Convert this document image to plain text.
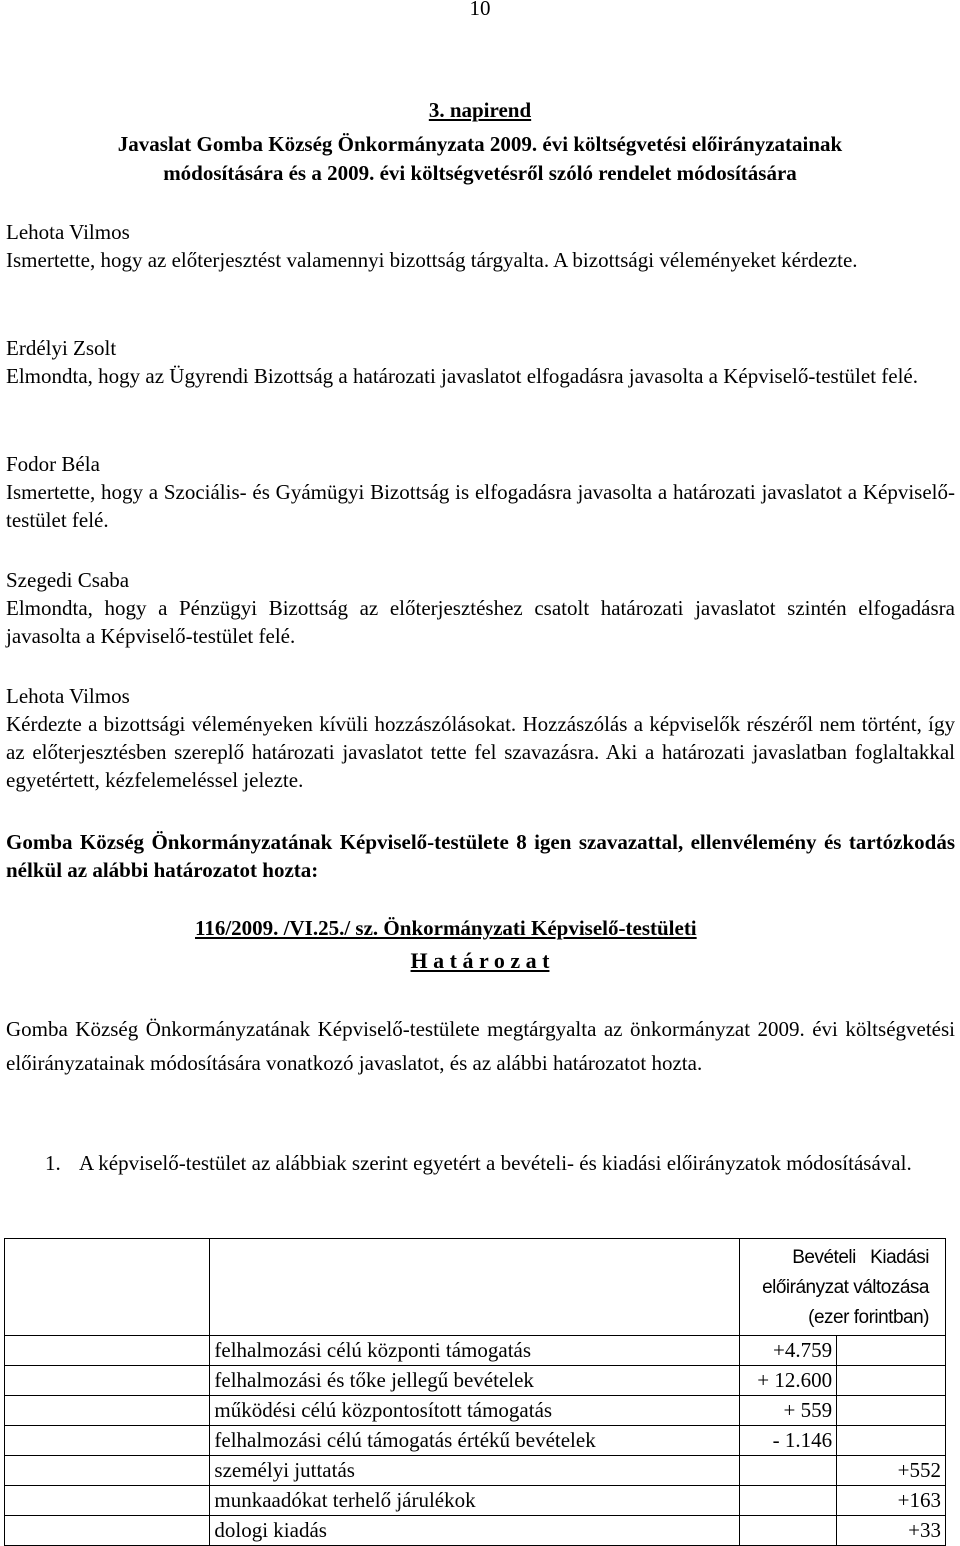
10
3. napirend
Javaslat Gomba Község Önkormányzata 2009. évi költségvetési előirányzatainak
módosítására és a 2009. évi költségvetésről szóló rendelet módosítására
Lehota Vilmos
Ismertette, hogy az előterjesztést valamennyi bizottság tárgyalta. A bizottsági véleményeket kérdezte.
Erdélyi Zsolt
Elmondta, hogy az Ügyrendi Bizottság a határozati javaslatot elfogadásra javasolta a Képviselő-testület felé.
Fodor Béla
Ismertette, hogy a Szociális- és Gyámügyi Bizottság is elfogadásra javasolta a határozati javaslatot a Képviselő-testület felé.
Szegedi Csaba
Elmondta, hogy a Pénzügyi Bizottság az előterjesztéshez csatolt határozati javaslatot szintén elfogadásra javasolta a Képviselő-testület felé.
Lehota Vilmos
Kérdezte a bizottsági véleményeken kívüli hozzászólásokat. Hozzászólás a képviselők részéről nem történt, így az előterjesztésben szereplő határozati javaslatot tette fel szavazásra. Aki a határozati javaslatban foglaltakkal egyetértett, kézfelemeléssel jelezte.
Gomba Község Önkormányzatának Képviselő-testülete 8 igen szavazattal, ellenvélemény és tartózkodás nélkül az alábbi határozatot hozta:
116/2009. /VI.25./ sz. Önkormányzati Képviselő-testületi
H a t á r o z a t
Gomba Község Önkormányzatának Képviselő-testülete megtárgyalta az önkormányzat 2009. évi költségvetési előirányzatainak módosítására vonatkozó javaslatot, és az alábbi határozatot hozta.
1. A képviselő-testület az alábbiak szerint egyetért a bevételi- és kiadási előirányzatok módosításával.

		Bevételi   Kiadási
előirányzat változása
(ezer forintban)	

	felhalmozási célú központi támogatás	+4.759	
	felhalmozási és tőke jellegű bevételek	+ 12.600	
	működési célú központosított támogatás	+ 559	
	felhalmozási célú támogatás értékű bevételek	- 1.146	
	személyi juttatás		+552
	munkaadókat terhelő járulékok		+163
	dologi kiadás		+33
